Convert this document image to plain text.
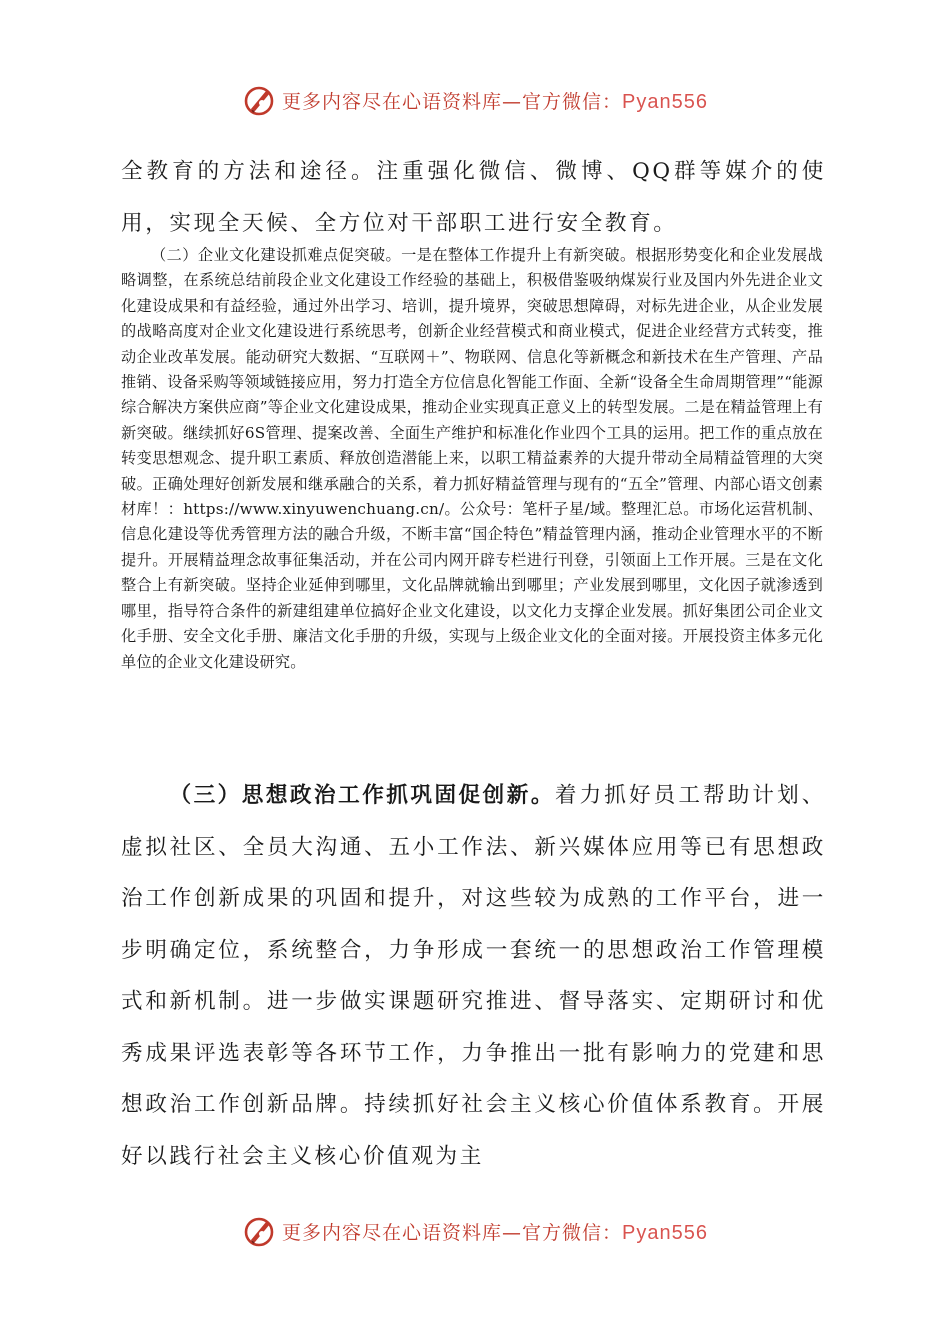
更多内容尽在心语资料库—官方微信：Pyan556

全教育的方法和途径。注重强化微信、微博、QQ群等媒介的使用，实现全天候、全方位对干部职工进行安全教育。

（二）企业文化建设抓难点促突破。一是在整体工作提升上有新突破。根据形势变化和企业发展战略调整，在系统总结前段企业文化建设工作经验的基础上，积极借鉴吸纳煤炭行业及国内外先进企业文化建设成果和有益经验，通过外出学习、培训，提升境界，突破思想障碍，对标先进企业，从企业发展的战略高度对企业文化建设进行系统思考，创新企业经营模式和商业模式，促进企业经营方式转变，推动企业改革发展。能动研究大数据、“互联网＋”、物联网、信息化等新概念和新技术在生产管理、产品推销、设备采购等领域链接应用，努力打造全方位信息化智能工作面、全新“设备全生命周期管理”“能源综合解决方案供应商”等企业文化建设成果，推动企业实现真正意义上的转型发展。二是在精益管理上有新突破。继续抓好6S管理、提案改善、全面生产维护和标准化作业四个工具的运用。把工作的重点放在转变思想观念、提升职工素质、释放创造潜能上来，以职工精益素养的大提升带动全局精益管理的大突破。正确处理好创新发展和继承融合的关系，着力抓好精益管理与现有的“五全”管理、内部心语文创素材库！：https://www.xinyuwenchuang.cn/。公众号：笔杆子星/域。整理汇总。市场化运营机制、信息化建设等优秀管理方法的融合升级，不断丰富“国企特色”精益管理内涵，推动企业管理水平的不断提升。开展精益理念故事征集活动，并在公司内网开辟专栏进行刊登，引领面上工作开展。三是在文化整合上有新突破。坚持企业延伸到哪里，文化品牌就输出到哪里；产业发展到哪里，文化因子就渗透到哪里，指导符合条件的新建组建单位搞好企业文化建设，以文化力支撑企业发展。抓好集团公司企业文化手册、安全文化手册、廉洁文化手册的升级，实现与上级企业文化的全面对接。开展投资主体多元化单位的企业文化建设研究。

（三）思想政治工作抓巩固促创新。着力抓好员工帮助计划、虚拟社区、全员大沟通、五小工作法、新兴媒体应用等已有思想政治工作创新成果的巩固和提升，对这些较为成熟的工作平台，进一步明确定位，系统整合，力争形成一套统一的思想政治工作管理模式和新机制。进一步做实课题研究推进、督导落实、定期研讨和优秀成果评选表彰等各环节工作，力争推出一批有影响力的党建和思想政治工作创新品牌。持续抓好社会主义核心价值体系教育。开展好以践行社会主义核心价值观为主

更多内容尽在心语资料库—官方微信：Pyan556
